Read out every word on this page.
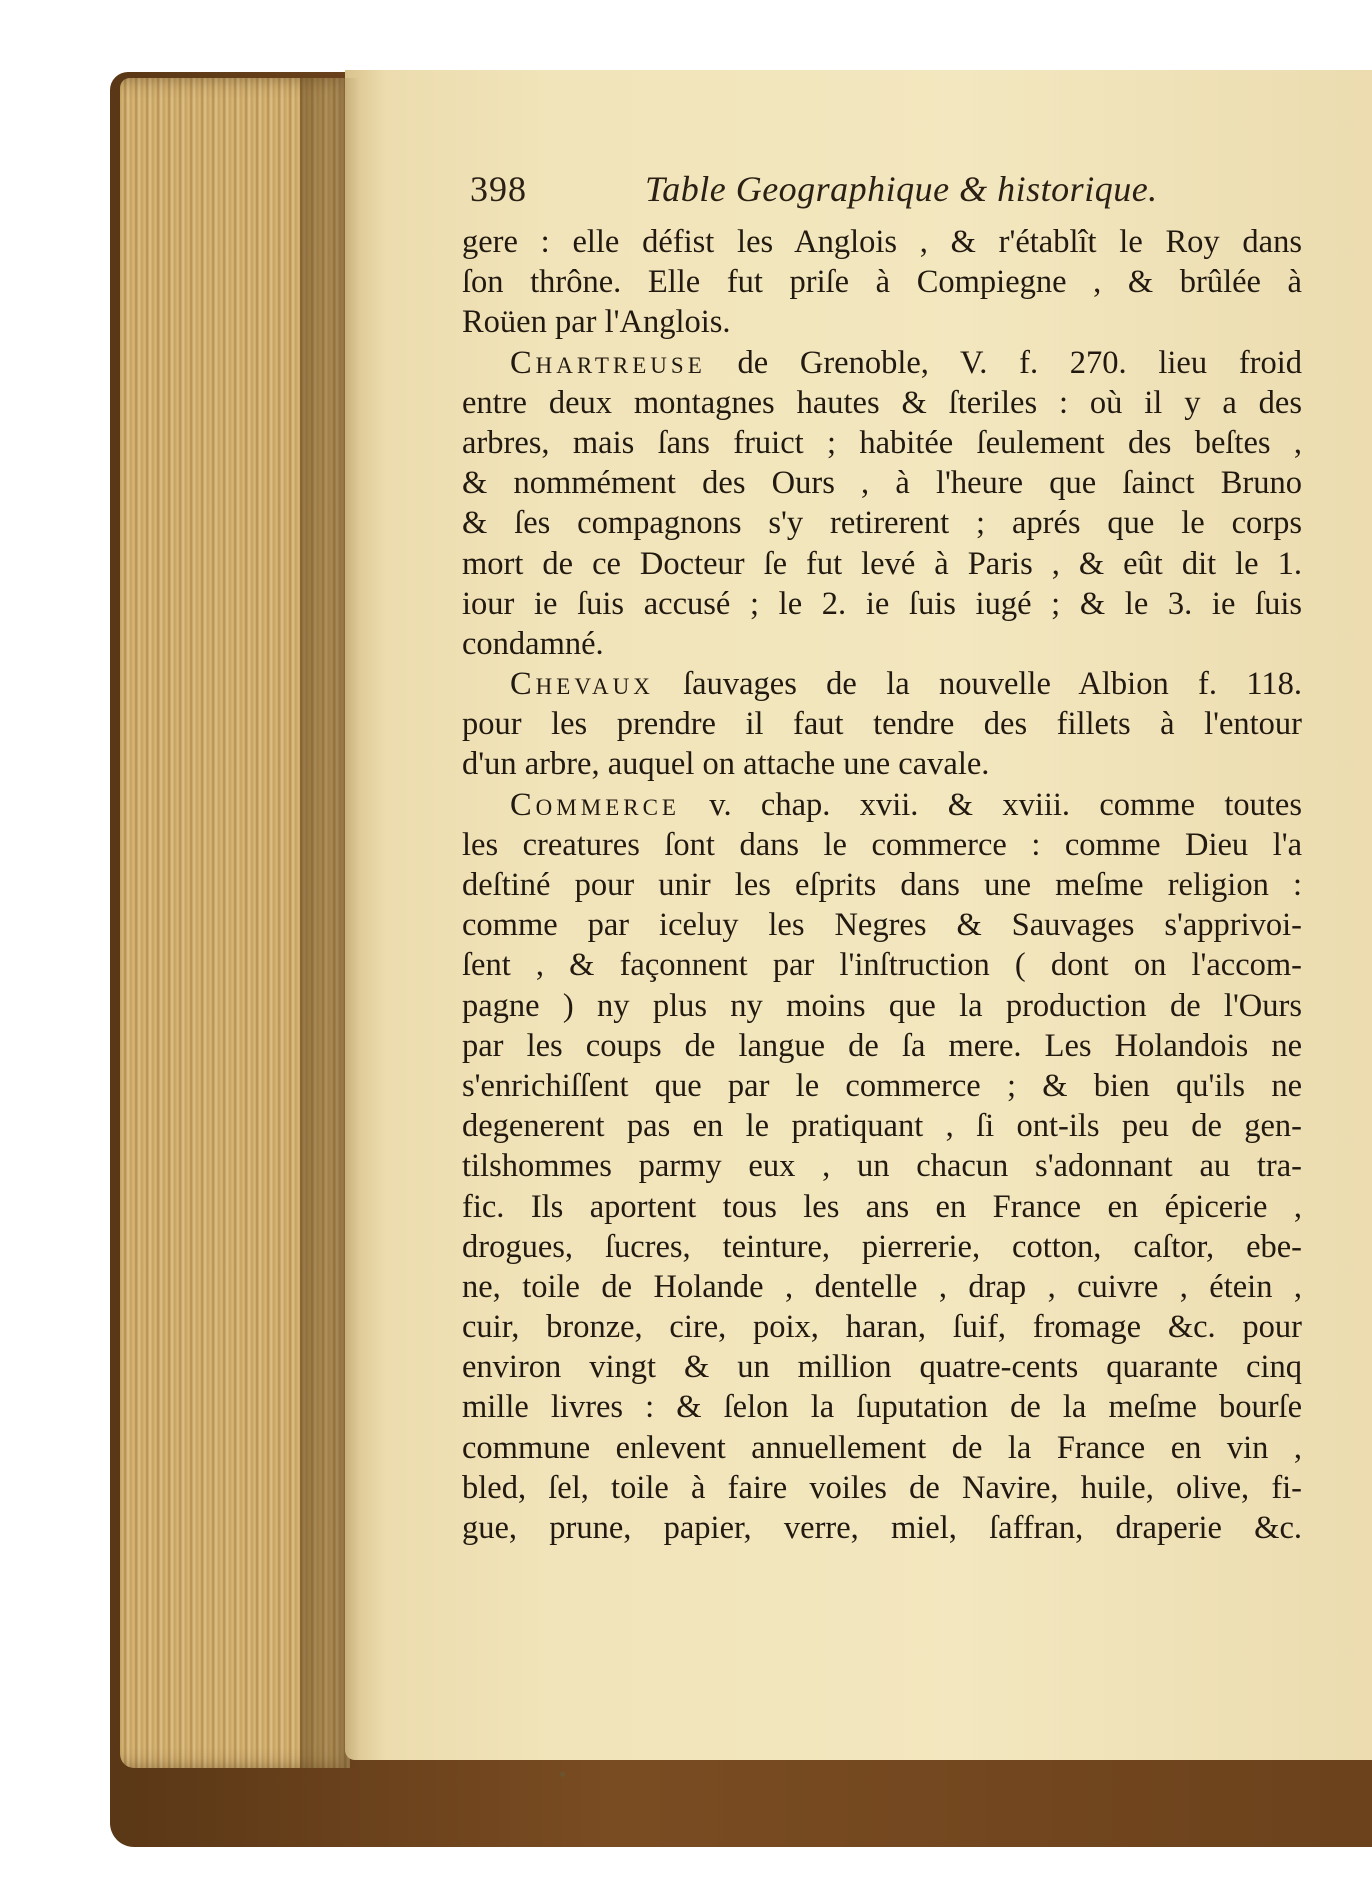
398	Table Geographique & historique.
gere : elle défist les Anglois , & r'établît le Roy dans
ſon thrône. Elle fut priſe à Compiegne , & brûlée à
Roüen par l'Anglois.
Chartreuse de Grenoble, V. f. 270. lieu froid
entre deux montagnes hautes & ſteriles : où il y a des
arbres, mais ſans fruict ; habitée ſeulement des beſtes ,
& nommément des Ours , à l'heure que ſainct Bruno
& ſes compagnons s'y retirerent ; aprés que le corps
mort de ce Docteur ſe fut levé à Paris , & eût dit le 1.
iour ie ſuis accusé ; le 2. ie ſuis iugé ; & le 3. ie ſuis
condamné.
Chevaux ſauvages de la nouvelle Albion f. 118.
pour les prendre il faut tendre des fillets à l'entour
d'un arbre, auquel on attache une cavale.
Commerce v. chap. xvii. & xviii. comme toutes
les creatures ſont dans le commerce : comme Dieu l'a
deſtiné pour unir les eſprits dans une meſme religion :
comme par iceluy les Negres & Sauvages s'apprivoi-
ſent , & façonnent par l'inſtruction ( dont on l'accom-
pagne ) ny plus ny moins que la production de l'Ours
par les coups de langue de ſa mere. Les Holandois ne
s'enrichiſſent que par le commerce ; & bien qu'ils ne
degenerent pas en le pratiquant , ſi ont-ils peu de gen-
tilshommes parmy eux , un chacun s'adonnant au tra-
fic. Ils aportent tous les ans en France en épicerie ,
drogues, ſucres, teinture, pierrerie, cotton, caſtor, ebe-
ne, toile de Holande , dentelle , drap , cuivre , étein ,
cuir, bronze, cire, poix, haran, ſuif, fromage &c. pour
environ vingt & un million quatre-cents quarante cinq
mille livres : & ſelon la ſuputation de la meſme bourſe
commune enlevent annuellement de la France en vin ,
bled, ſel, toile à faire voiles de Navire, huile, olive, fi-
gue, prune, papier, verre, miel, ſaffran, draperie &c.
